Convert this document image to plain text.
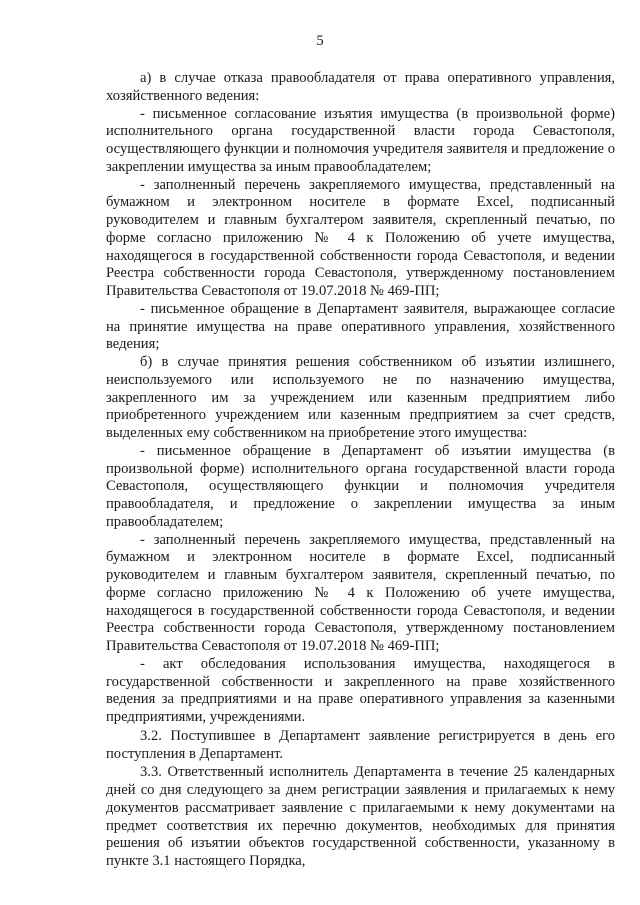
5

а) в случае отказа правообладателя от права оперативного управления, хозяйственного ведения:

- письменное согласование изъятия имущества (в произвольной форме) исполнительного органа государственной власти города Севастополя, осуществляющего функции и полномочия учредителя заявителя и предложение о закреплении имущества за иным правообладателем;

- заполненный перечень закрепляемого имущества, представленный на бумажном и электронном носителе в формате Excel, подписанный руководителем и главным бухгалтером заявителя, скрепленный печатью, по форме согласно приложению № 4 к Положению об учете имущества, находящегося в государственной собственности города Севастополя, и ведении Реестра собственности города Севастополя, утвержденному постановлением Правительства Севастополя от 19.07.2018 № 469-ПП;

- письменное обращение в Департамент заявителя, выражающее согласие на принятие имущества на праве оперативного управления, хозяйственного ведения;

б) в случае принятия решения собственником об изъятии излишнего, неиспользуемого или используемого не по назначению имущества, закрепленного им за учреждением или казенным предприятием либо приобретенного учреждением или казенным предприятием за счет средств, выделенных ему собственником на приобретение этого имущества:

- письменное обращение в Департамент об изъятии имущества (в произвольной форме) исполнительного органа государственной власти города Севастополя, осуществляющего функции и полномочия учредителя правообладателя, и предложение о закреплении имущества за иным правообладателем;

- заполненный перечень закрепляемого имущества, представленный на бумажном и электронном носителе в формате Excel, подписанный руководителем и главным бухгалтером заявителя, скрепленный печатью, по форме согласно приложению № 4 к Положению об учете имущества, находящегося в государственной собственности города Севастополя, и ведении Реестра собственности города Севастополя, утвержденному постановлением Правительства Севастополя от 19.07.2018 № 469-ПП;

- акт обследования использования имущества, находящегося в государственной собственности и закрепленного на праве хозяйственного ведения за предприятиями и на праве оперативного управления за казенными предприятиями, учреждениями.

3.2. Поступившее в Департамент заявление регистрируется в день его поступления в Департамент.

3.3. Ответственный исполнитель Департамента в течение 25 календарных дней со дня следующего за днем регистрации заявления и прилагаемых к нему документов рассматривает заявление с прилагаемыми к нему документами на предмет соответствия их перечню документов, необходимых для принятия решения об изъятии объектов государственной собственности, указанному в пункте 3.1 настоящего Порядка,
